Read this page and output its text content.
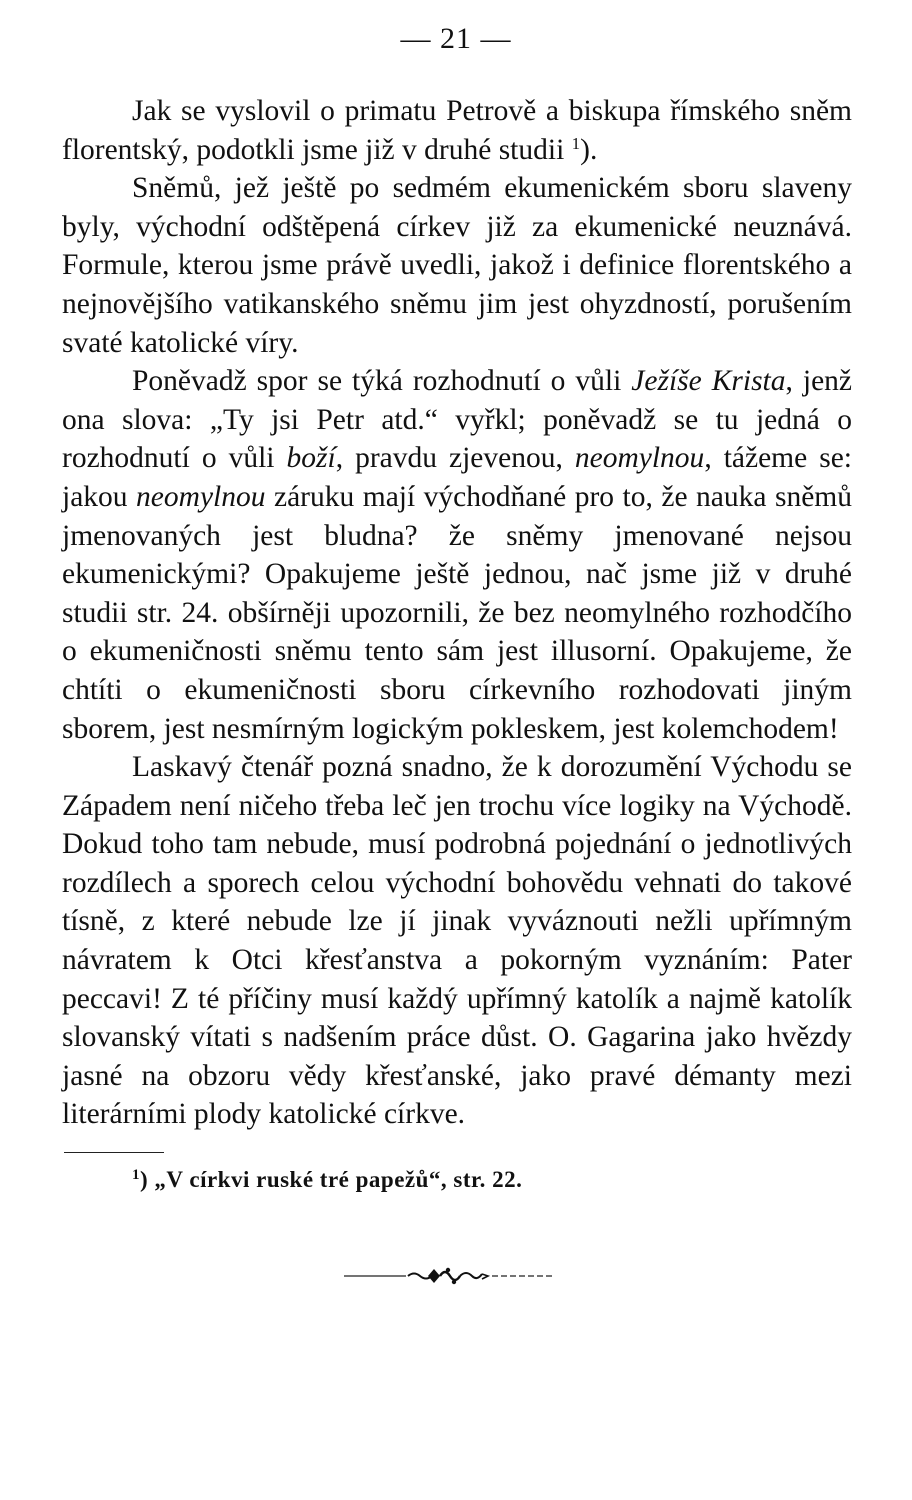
— 21 —

Jak se vyslovil o primatu Petrově a biskupa římského sněm florentský, podotkli jsme již v druhé studii $^1$).

Sněmů, jež ještě po sedmém ekumenickém sboru slaveny byly, východní odštěpená církev již za ekumenické neuznává. Formule, kterou jsme právě uvedli, jakož i definice florentského a nejnovějšího vatikanského sněmu jim jest ohyzdností, porušením svaté katolické víry.

Poněvadž spor se týká rozhodnutí o vůli Ježíše Krista, jenž ona slova: „Ty jsi Petr atd.“ vyřkl; poněvadž se tu jedná o rozhodnutí o vůli boží, pravdu zjevenou, neomylnou, tážeme se: jakou neomylnou záruku mají východňané pro to, že nauka sněmů jmenovaných jest bludna? že sněmy jmenované nejsou ekumenickými? Opakujeme ještě jednou, nač jsme již v druhé studii str. 24. obšírněji upozornili, že bez neomylného rozhodčího o ekumeničnosti sněmu tento sám jest illusorní. Opakujeme, že chtíti o ekumeničnosti sboru církevního rozhodovati jiným sborem, jest nesmírným logickým pokleskem, jest kolemchodem!

Laskavý čtenář pozná snadno, že k dorozumění Východu se Západem není ničeho třeba leč jen trochu více logiky na Východě. Dokud toho tam nebude, musí podrobná pojednání o jednotlivých rozdílech a sporech celou východní bohovědu vehnati do takové tísně, z které nebude lze jí jinak vyváznouti nežli upřímným návratem k Otci křesťanstva a pokorným vyznáním: Pater peccavi! Z té příčiny musí každý upřímný katolík a najmě katolík slovanský vítati s nadšením práce důst. O. Gagarina jako hvězdy jasné na obzoru vědy křesťanské, jako pravé démanty mezi literárními plody katolické církve.

$^1$) „V církvi ruské tré papežů“, str. 22.
